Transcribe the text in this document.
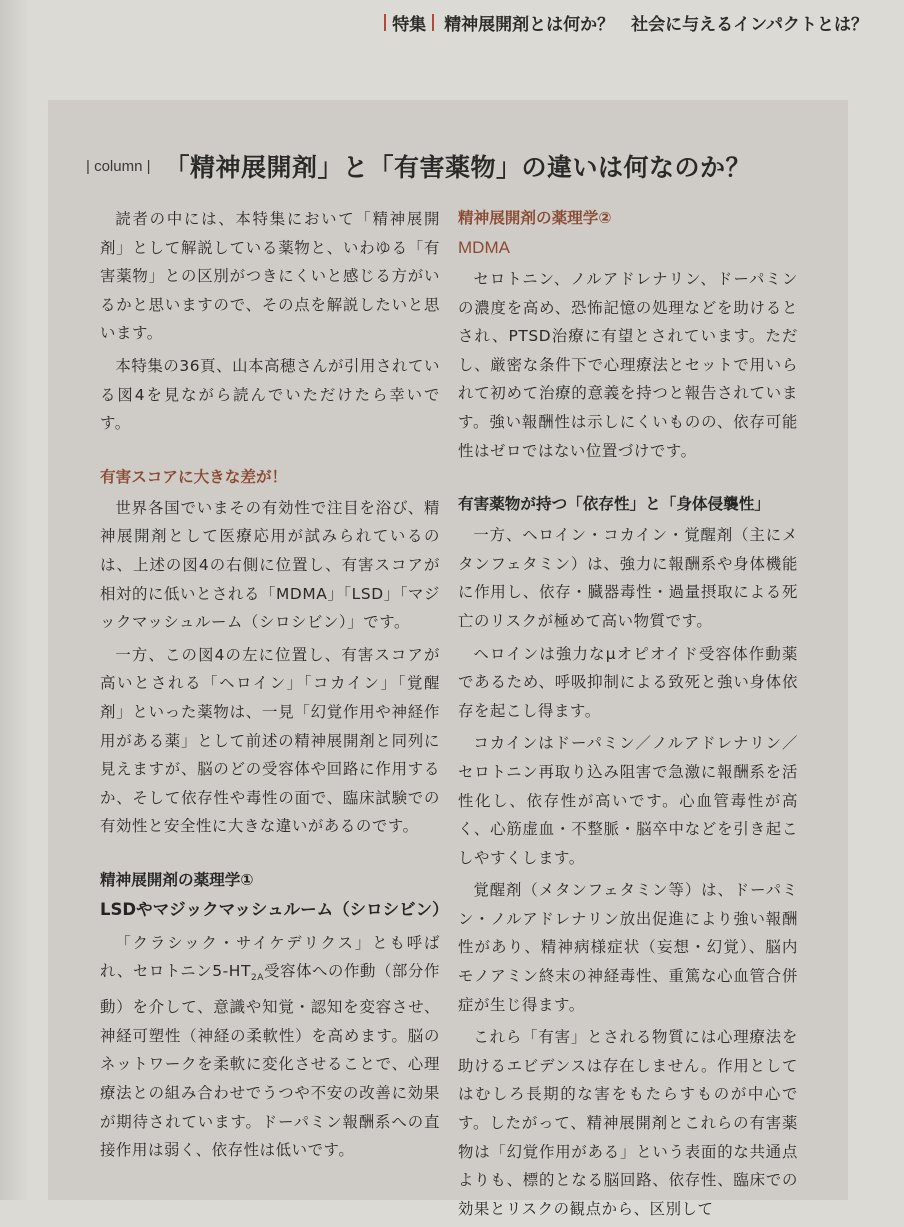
特集 精神展開剤とは何か？　社会に与えるインパクトとは？
| column | 「精神展開剤」と「有害薬物」の違いは何なのか？

読者の中には、本特集において「精神展開剤」として解説している薬物と、いわゆる「有害薬物」との区別がつきにくいと感じる方がいるかと思いますので、その点を解説したいと思います。

本特集の36頁、山本高穂さんが引用されている図4を見ながら読んでいただけたら幸いです。

有害スコアに大きな差が！

世界各国でいまその有効性で注目を浴び、精神展開剤として医療応用が試みられているのは、上述の図4の右側に位置し、有害スコアが相対的に低いとされる「MDMA」「LSD」「マジックマッシュルーム（シロシビン）」です。

一方、この図4の左に位置し、有害スコアが高いとされる「ヘロイン」「コカイン」「覚醒剤」といった薬物は、一見「幻覚作用や神経作用がある薬」として前述の精神展開剤と同列に見えますが、脳のどの受容体や回路に作用するか、そして依存性や毒性の面で、臨床試験での有効性と安全性に大きな違いがあるのです。

精神展開剤の薬理学①
LSDやマジックマッシュルーム（シロシビン）

「クラシック・サイケデリクス」とも呼ばれ、セロトニン$5-HT_{2A}$受容体への作動（部分作動）を介して、意識や知覚・認知を変容させ、神経可塑性（神経の柔軟性）を高めます。脳のネットワークを柔軟に変化させることで、心理療法との組み合わせでうつや不安の改善に効果が期待されています。ドーパミン報酬系への直接作用は弱く、依存性は低いです。

精神展開剤の薬理学②
MDMA

セロトニン、ノルアドレナリン、ドーパミンの濃度を高め、恐怖記憶の処理などを助けるとされ、PTSD治療に有望とされています。ただし、厳密な条件下で心理療法とセットで用いられて初めて治療的意義を持つと報告されています。強い報酬性は示しにくいものの、依存可能性はゼロではない位置づけです。

有害薬物が持つ「依存性」と「身体侵襲性」

一方、ヘロイン・コカイン・覚醒剤（主にメタンフェタミン）は、強力に報酬系や身体機能に作用し、依存・臓器毒性・過量摂取による死亡のリスクが極めて高い物質です。

ヘロインは強力なμオピオイド受容体作動薬であるため、呼吸抑制による致死と強い身体依存を起こし得ます。

コカインはドーパミン／ノルアドレナリン／セロトニン再取り込み阻害で急激に報酬系を活性化し、依存性が高いです。心血管毒性が高く、心筋虚血・不整脈・脳卒中などを引き起こしやすくします。

覚醒剤（メタンフェタミン等）は、ドーパミン・ノルアドレナリン放出促進により強い報酬性があり、精神病様症状（妄想・幻覚）、脳内モノアミン終末の神経毒性、重篤な心血管合併症が生じ得ます。

これら「有害」とされる物質には心理療法を助けるエビデンスは存在しません。作用としてはむしろ長期的な害をもたらすものが中心です。したがって、精神展開剤とこれらの有害薬物は「幻覚作用がある」という表面的な共通点よりも、標的となる脳回路、依存性、臨床での効果とリスクの観点から、区別して
